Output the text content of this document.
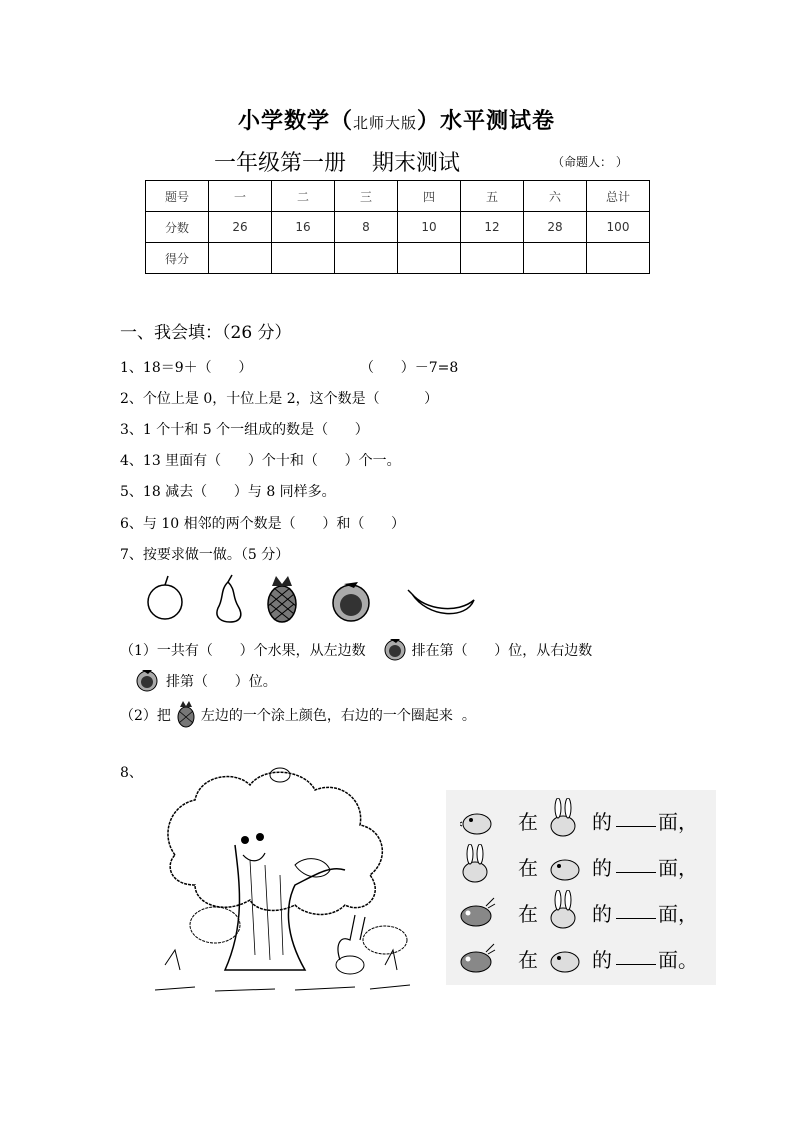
小学数学（北师大版）水平测试卷
一年级第一册 期末测试	（命题人： ）
题号	一	二	三	四	五	六	总计
分数	26	16	8	10	12	28	100
得分							
一、我会填：（26 分）
1、18＝9＋（      ）	（      ）－7=8
2、个位上是 0，十位上是 2，这个数是（          ）
3、1 个十和 5 个一组成的数是（      ）
4、13 里面有（      ）个十和（      ）个一。
5、18 减去（      ）与 8 同样多。
6、与 10 相邻的两个数是（      ）和（      ）
7、按要求做一做。（5 分）
（1）一共有（      ）个水果，从左边数	排在第（      ）位，从右边数
排第（      ）位。
（2）把 左边的一个涂上颜色，右边的一个圈起来  。
8、
在	的 面，
在	的 面，
在	的 面，
在	的 面。
